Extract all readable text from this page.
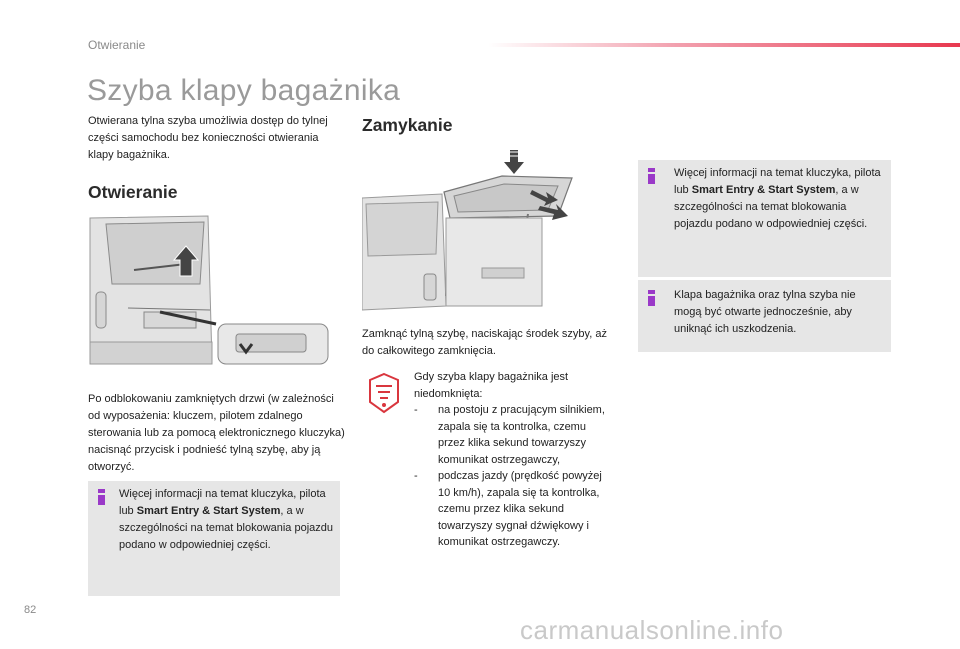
Otwieranie
Szyba klapy bagażnika
Otwierana tylna szyba umożliwia dostęp do tylnej części samochodu bez konieczności otwierania klapy bagażnika.
Otwieranie
Po odblokowaniu zamkniętych drzwi (w zależności od wyposażenia: kluczem, pilotem zdalnego sterowania lub za pomocą elektronicznego kluczyka) nacisnąć przycisk i podnieść tylną szybę, aby ją otworzyć.
Więcej informacji na temat kluczyka, pilota lub Smart Entry & Start System, a w szczególności na temat blokowania pojazdu podano w odpowiedniej części.
Zamykanie
Zamknąć tylną szybę, naciskając środek szyby, aż do całkowitego zamknięcia.
Gdy szyba klapy bagażnika jest niedomknięta:
-	na postoju z pracującym silnikiem, zapala się ta kontrolka, czemu przez klika sekund towarzyszy komunikat ostrzegawczy,
-	podczas jazdy (prędkość powyżej 10 km/h), zapala się ta kontrolka, czemu przez klika sekund towarzyszy sygnał dźwiękowy i komunikat ostrzegawczy.
Więcej informacji na temat kluczyka, pilota lub Smart Entry & Start System, a w szczególności na temat blokowania pojazdu podano w odpowiedniej części.
Klapa bagażnika oraz tylna szyba nie mogą być otwarte jednocześnie, aby uniknąć ich uszkodzenia.
82
carmanualsonline.info
